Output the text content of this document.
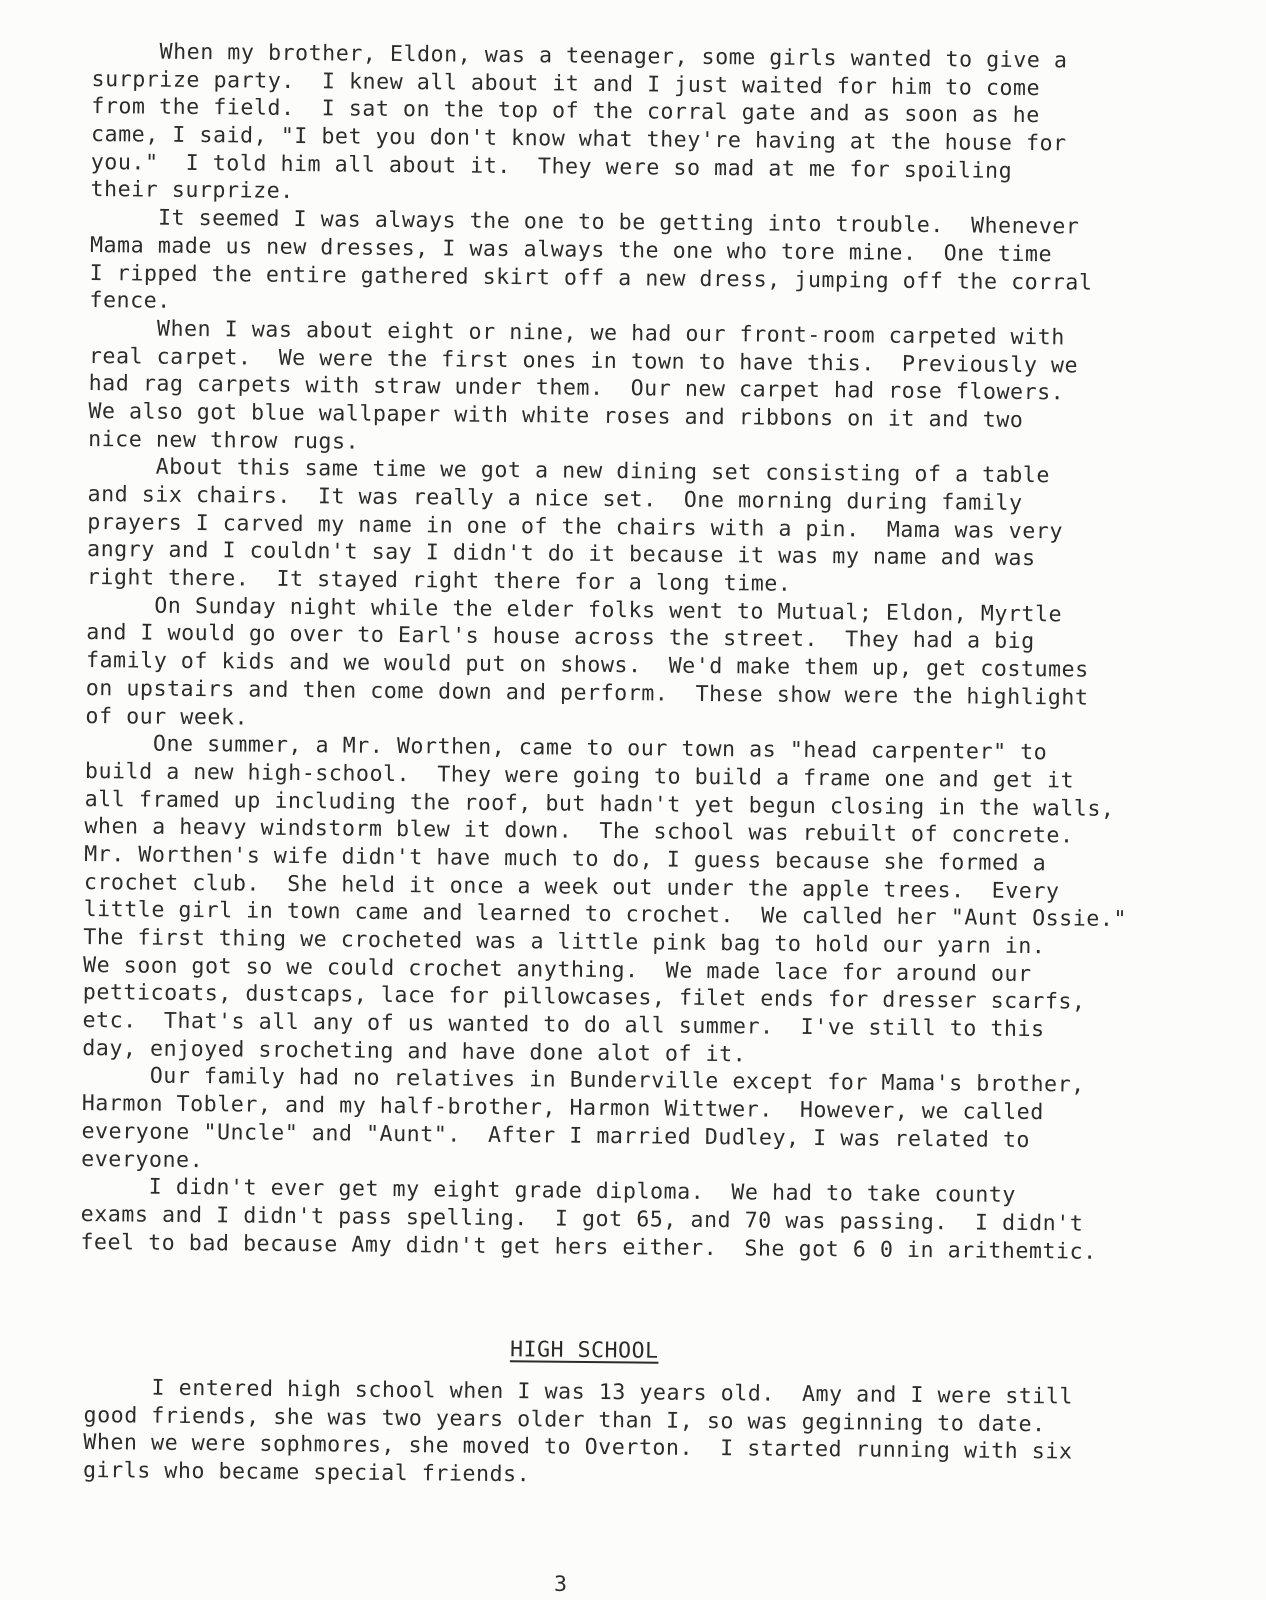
When my brother, Eldon, was a teenager, some girls wanted to give a
surprize party.  I knew all about it and I just waited for him to come
from the field.  I sat on the top of the corral gate and as soon as he
came, I said, "I bet you don't know what they're having at the house for
you."  I told him all about it.  They were so mad at me for spoiling
their surprize.
It seemed I was always the one to be getting into trouble.  Whenever
Mama made us new dresses, I was always the one who tore mine.  One time
I ripped the entire gathered skirt off a new dress, jumping off the corral
fence.
When I was about eight or nine, we had our front-room carpeted with
real carpet.  We were the first ones in town to have this.  Previously we
had rag carpets with straw under them.  Our new carpet had rose flowers.
We also got blue wallpaper with white roses and ribbons on it and two
nice new throw rugs.
About this same time we got a new dining set consisting of a table
and six chairs.  It was really a nice set.  One morning during family
prayers I carved my name in one of the chairs with a pin.  Mama was very
angry and I couldn't say I didn't do it because it was my name and was
right there.  It stayed right there for a long time.
On Sunday night while the elder folks went to Mutual; Eldon, Myrtle
and I would go over to Earl's house across the street.  They had a big
family of kids and we would put on shows.  We'd make them up, get costumes
on upstairs and then come down and perform.  These show were the highlight
of our week.
One summer, a Mr. Worthen, came to our town as "head carpenter" to
build a new high-school.  They were going to build a frame one and get it
all framed up including the roof, but hadn't yet begun closing in the walls,
when a heavy windstorm blew it down.  The school was rebuilt of concrete.
Mr. Worthen's wife didn't have much to do, I guess because she formed a
crochet club.  She held it once a week out under the apple trees.  Every
little girl in town came and learned to crochet.  We called her "Aunt Ossie."
The first thing we crocheted was a little pink bag to hold our yarn in.
We soon got so we could crochet anything.  We made lace for around our
petticoats, dustcaps, lace for pillowcases, filet ends for dresser scarfs,
etc.  That's all any of us wanted to do all summer.  I've still to this
day, enjoyed srocheting and have done alot of it.
Our family had no relatives in Bunderville except for Mama's brother,
Harmon Tobler, and my half-brother, Harmon Wittwer.  However, we called
everyone "Uncle" and "Aunt".  After I married Dudley, I was related to
everyone.
I didn't ever get my eight grade diploma.  We had to take county
exams and I didn't pass spelling.  I got 65, and 70 was passing.  I didn't
feel to bad because Amy didn't get hers either.  She got 6 0 in arithemtic.
HIGH SCHOOL
I entered high school when I was 13 years old.  Amy and I were still
good friends, she was two years older than I, so was geginning to date.
When we were sophmores, she moved to Overton.  I started running with six
girls who became special friends.
3
